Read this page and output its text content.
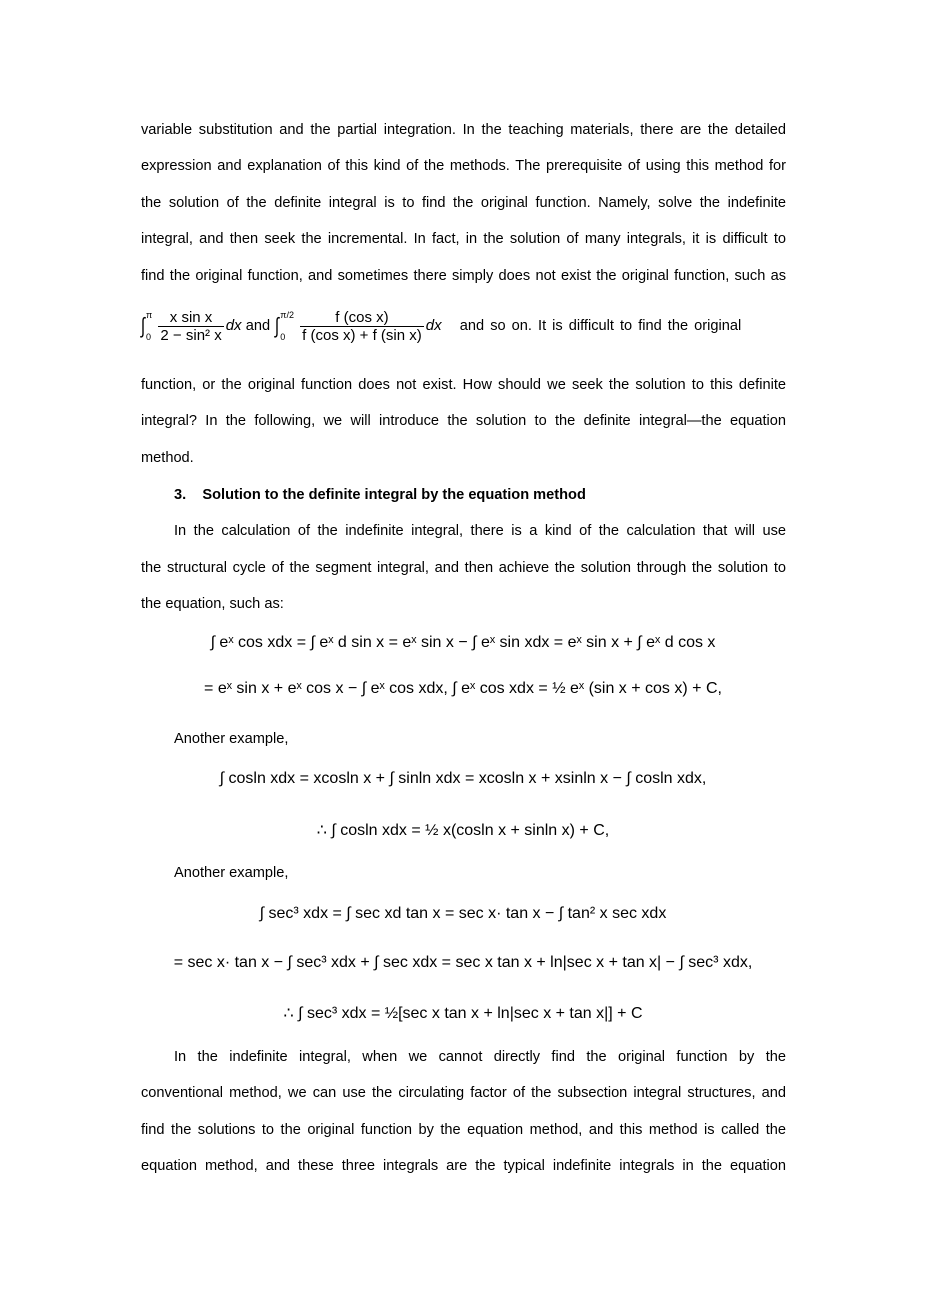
variable substitution and the partial integration. In the teaching materials, there are the detailed
expression and explanation of this kind of the methods. The prerequisite of using this method for
the solution of the definite integral is to find the original function. Namely, solve the indefinite
integral, and then seek the incremental. In fact, in the solution of many integrals, it is difficult to
find the original function, and sometimes there simply does not exist the original function, such as
∫ π
0
$\frac{\text{x sin x}}{\text{2 − sin² x}}$ dx and ∫ π/2
0
$\frac{\text{f (cos x)}}{\text{f (cos x) + f (sin x)}}$ dx and so on. It is difficult to find the original
function, or the original function does not exist. How should we seek the solution to this definite
integral? In the following, we will introduce the solution to the definite integral—the equation
method.
3.    Solution to the definite integral by the equation method
In the calculation of the indefinite integral, there is a kind of the calculation that will use
the structural cycle of the segment integral, and then achieve the solution through the solution to
the equation, such as:
∫ eˣ cos xdx = ∫ eˣ d sin x = eˣ sin x − ∫ eˣ sin xdx = eˣ sin x + ∫ eˣ d cos x
= eˣ sin x + eˣ cos x − ∫ eˣ cos xdx, ∫ eˣ cos xdx = ½ eˣ (sin x + cos x) + C,
Another example,
∫ cosln xdx = xcosln x + ∫ sinln xdx = xcosln x + xsinln x − ∫ cosln xdx,
∴ ∫ cosln xdx = ½ x(cosln x + sinln x) + C,
Another example,
∫ sec³ xdx = ∫ sec xd tan x = sec x· tan x − ∫ tan² x sec xdx
= sec x· tan x − ∫ sec³ xdx + ∫ sec xdx = sec x tan x + ln|sec x + tan x| − ∫ sec³ xdx,
∴ ∫ sec³ xdx = ½[sec x tan x + ln|sec x + tan x|] + C
In the indefinite integral, when we cannot directly find the original function by the
conventional method, we can use the circulating factor of the subsection integral structures, and
find the solutions to the original function by the equation method, and this method is called the
equation method, and these three integrals are the typical indefinite integrals in the equation
